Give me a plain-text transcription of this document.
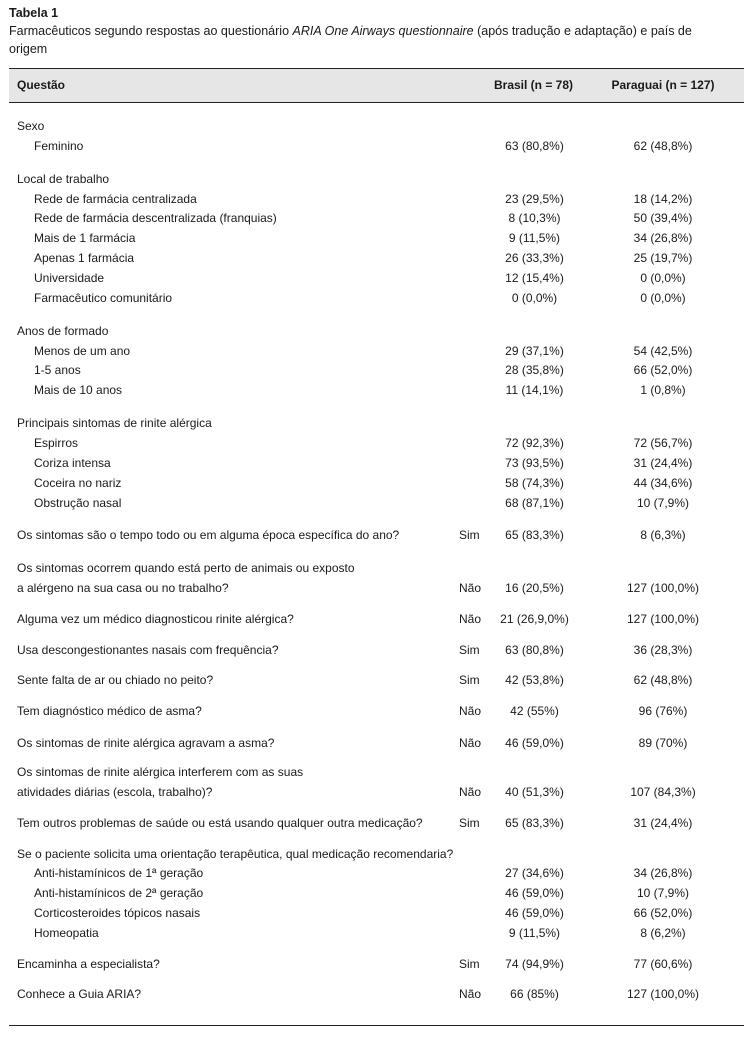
Tabela 1
Farmacêuticos segundo respostas ao questionário ARIA One Airways questionnaire (após tradução e adaptação) e país de
origem
Questão	Brasil (n = 78)	Paraguai (n = 127)
Sexo
Feminino	63 (80,8%)	62 (48,8%)
Local de trabalho
Rede de farmácia centralizada	23 (29,5%)	18 (14,2%)
Rede de farmácia descentralizada (franquias)	8 (10,3%)	50 (39,4%)
Mais de 1 farmácia	9 (11,5%)	34 (26,8%)
Apenas 1 farmácia	26 (33,3%)	25 (19,7%)
Universidade	12 (15,4%)	0 (0,0%)
Farmacêutico comunitário	0 (0,0%)	0 (0,0%)
Anos de formado
Menos de um ano	29 (37,1%)	54 (42,5%)
1-5 anos	28 (35,8%)	66 (52,0%)
Mais de 10 anos	11 (14,1%)	1 (0,8%)
Principais sintomas de rinite alérgica
Espirros	72 (92,3%)	72 (56,7%)
Coriza intensa	73 (93,5%)	31 (24,4%)
Coceira no nariz	58 (74,3%)	44 (34,6%)
Obstrução nasal	68 (87,1%)	10 (7,9%)
Os sintomas são o tempo todo ou em alguma época específica do ano?	Sim	65 (83,3%)	8 (6,3%)
Os sintomas ocorrem quando está perto de animais ou exposto
a alérgeno na sua casa ou no trabalho?	Não	16 (20,5%)	127 (100,0%)
Alguma vez um médico diagnosticou rinite alérgica?	Não	21 (26,9,0%)	127 (100,0%)
Usa descongestionantes nasais com frequência?	Sim	63 (80,8%)	36 (28,3%)
Sente falta de ar ou chiado no peito?	Sim	42 (53,8%)	62 (48,8%)
Tem diagnóstico médico de asma?	Não	42 (55%)	96 (76%)
Os sintomas de rinite alérgica agravam a asma?	Não	46 (59,0%)	89 (70%)
Os sintomas de rinite alérgica interferem com as suas
atividades diárias (escola, trabalho)?	Não	40 (51,3%)	107 (84,3%)
Tem outros problemas de saúde ou está usando qualquer outra medicação?	Sim	65 (83,3%)	31 (24,4%)
Se o paciente solicita uma orientação terapêutica, qual medicação recomendaria?
Anti-histamínicos de 1ª geração	27 (34,6%)	34 (26,8%)
Anti-histamínicos de 2ª geração	46 (59,0%)	10 (7,9%)
Corticosteroides tópicos nasais	46 (59,0%)	66 (52,0%)
Homeopatia	9 (11,5%)	8 (6,2%)
Encaminha a especialista?	Sim	74 (94,9%)	77 (60,6%)
Conhece a Guia ARIA?	Não	66 (85%)	127 (100,0%)
